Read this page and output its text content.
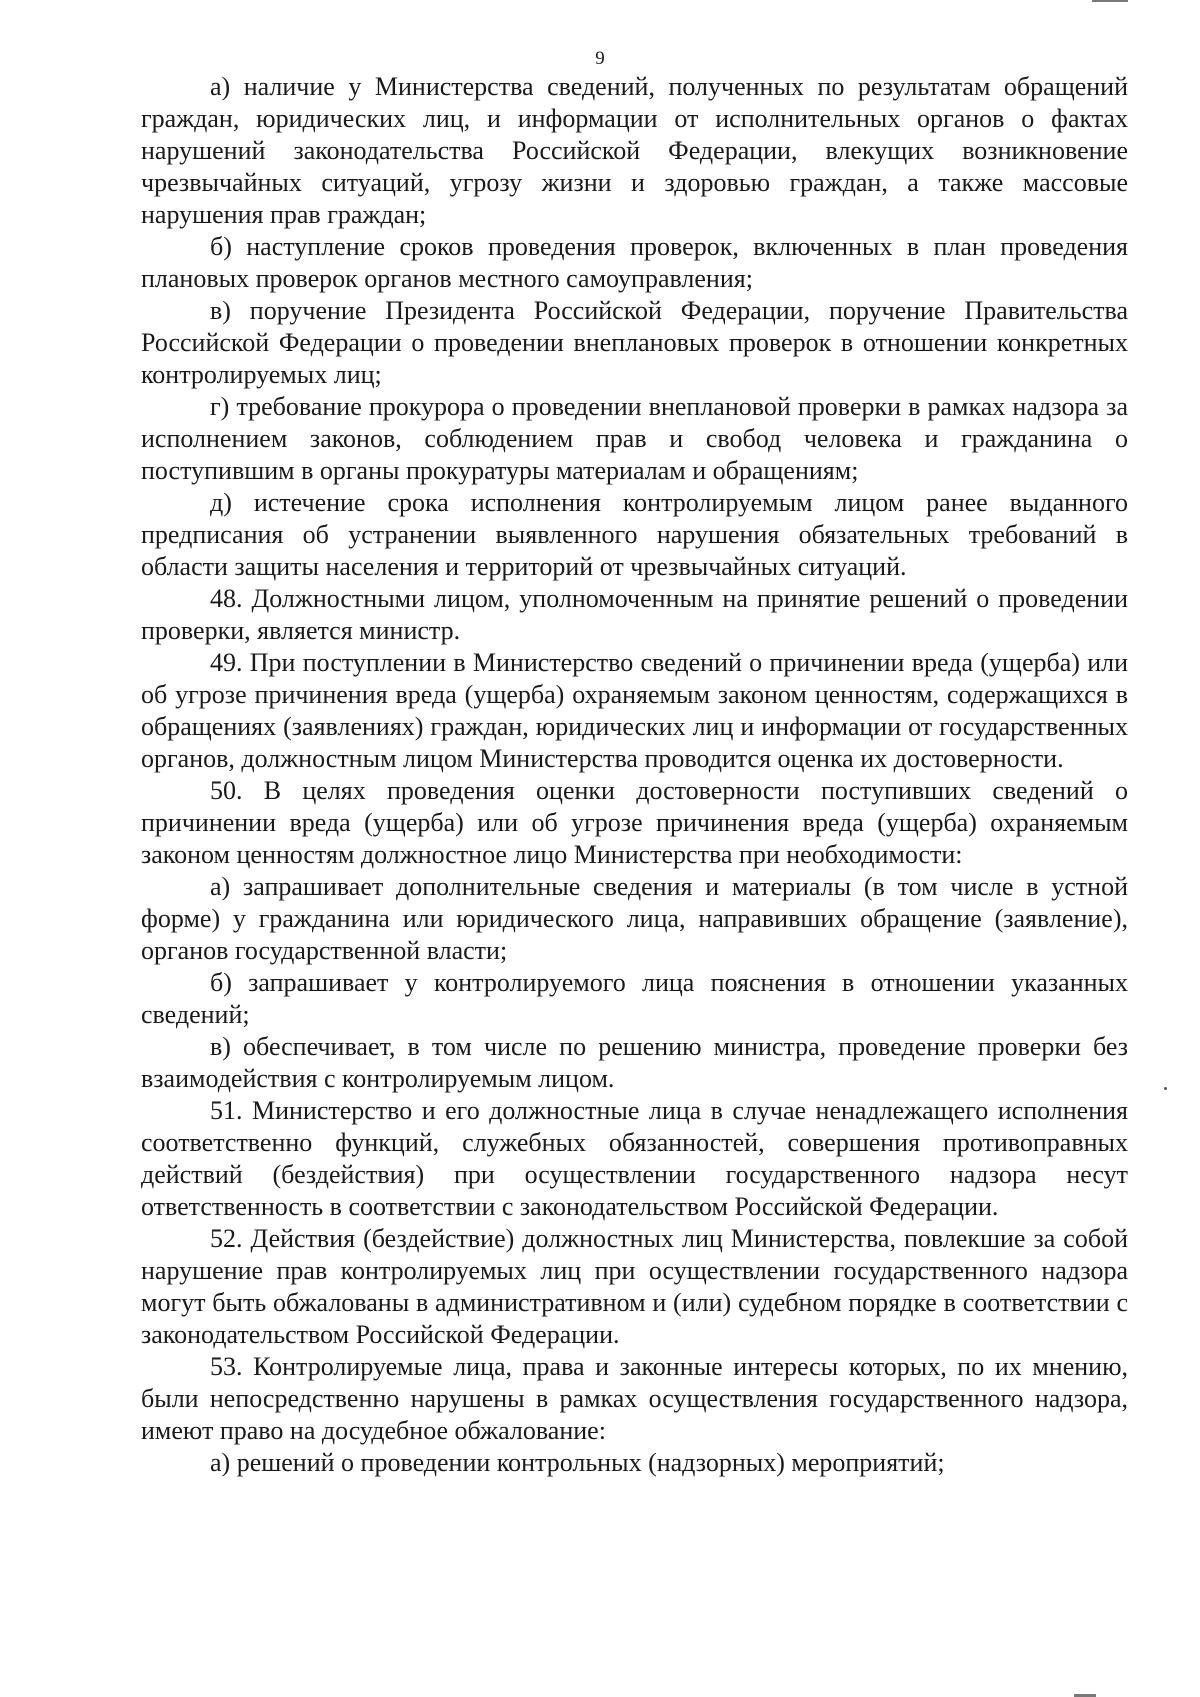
9

а) наличие у Министерства сведений, полученных по результатам обращений граждан, юридических лиц, и информации от исполнительных органов о фактах нарушений законодательства Российской Федерации, влекущих возникновение чрезвычайных ситуаций, угрозу жизни и здоровью граждан, а также массовые нарушения прав граждан;

б) наступление сроков проведения проверок, включенных в план проведения плановых проверок органов местного самоуправления;

в) поручение Президента Российской Федерации, поручение Правительства Российской Федерации о проведении внеплановых проверок в отношении конкретных контролируемых лиц;

г) требование прокурора о проведении внеплановой проверки в рамках надзора за исполнением законов, соблюдением прав и свобод человека и гражданина о поступившим в органы прокуратуры материалам и обращениям;

д) истечение срока исполнения контролируемым лицом ранее выданного предписания об устранении выявленного нарушения обязательных требований в области защиты населения и территорий от чрезвычайных ситуаций.

48. Должностными лицом, уполномоченным на принятие решений о проведении проверки, является министр.

49. При поступлении в Министерство сведений о причинении вреда (ущерба) или об угрозе причинения вреда (ущерба) охраняемым законом ценностям, содержащихся в обращениях (заявлениях) граждан, юридических лиц и информации от государственных органов, должностным лицом Министерства проводится оценка их достоверности.

50. В целях проведения оценки достоверности поступивших сведений о причинении вреда (ущерба) или об угрозе причинения вреда (ущерба) охраняемым законом ценностям должностное лицо Министерства при необходимости:

а) запрашивает дополнительные сведения и материалы (в том числе в устной форме) у гражданина или юридического лица, направивших обращение (заявление), органов государственной власти;

б) запрашивает у контролируемого лица пояснения в отношении указанных сведений;

в) обеспечивает, в том числе по решению министра, проведение проверки без взаимодействия с контролируемым лицом.

51. Министерство и его должностные лица в случае ненадлежащего исполнения соответственно функций, служебных обязанностей, совершения противоправных действий (бездействия) при осуществлении государственного надзора несут ответственность в соответствии с законодательством Российской Федерации.

52. Действия (бездействие) должностных лиц Министерства, повлекшие за собой нарушение прав контролируемых лиц при осуществлении государственного надзора могут быть обжалованы в административном и (или) судебном порядке в соответствии с законодательством Российской Федерации.

53. Контролируемые лица, права и законные интересы которых, по их мнению, были непосредственно нарушены в рамках осуществления государственного надзора, имеют право на досудебное обжалование:

а) решений о проведении контрольных (надзорных) мероприятий;
